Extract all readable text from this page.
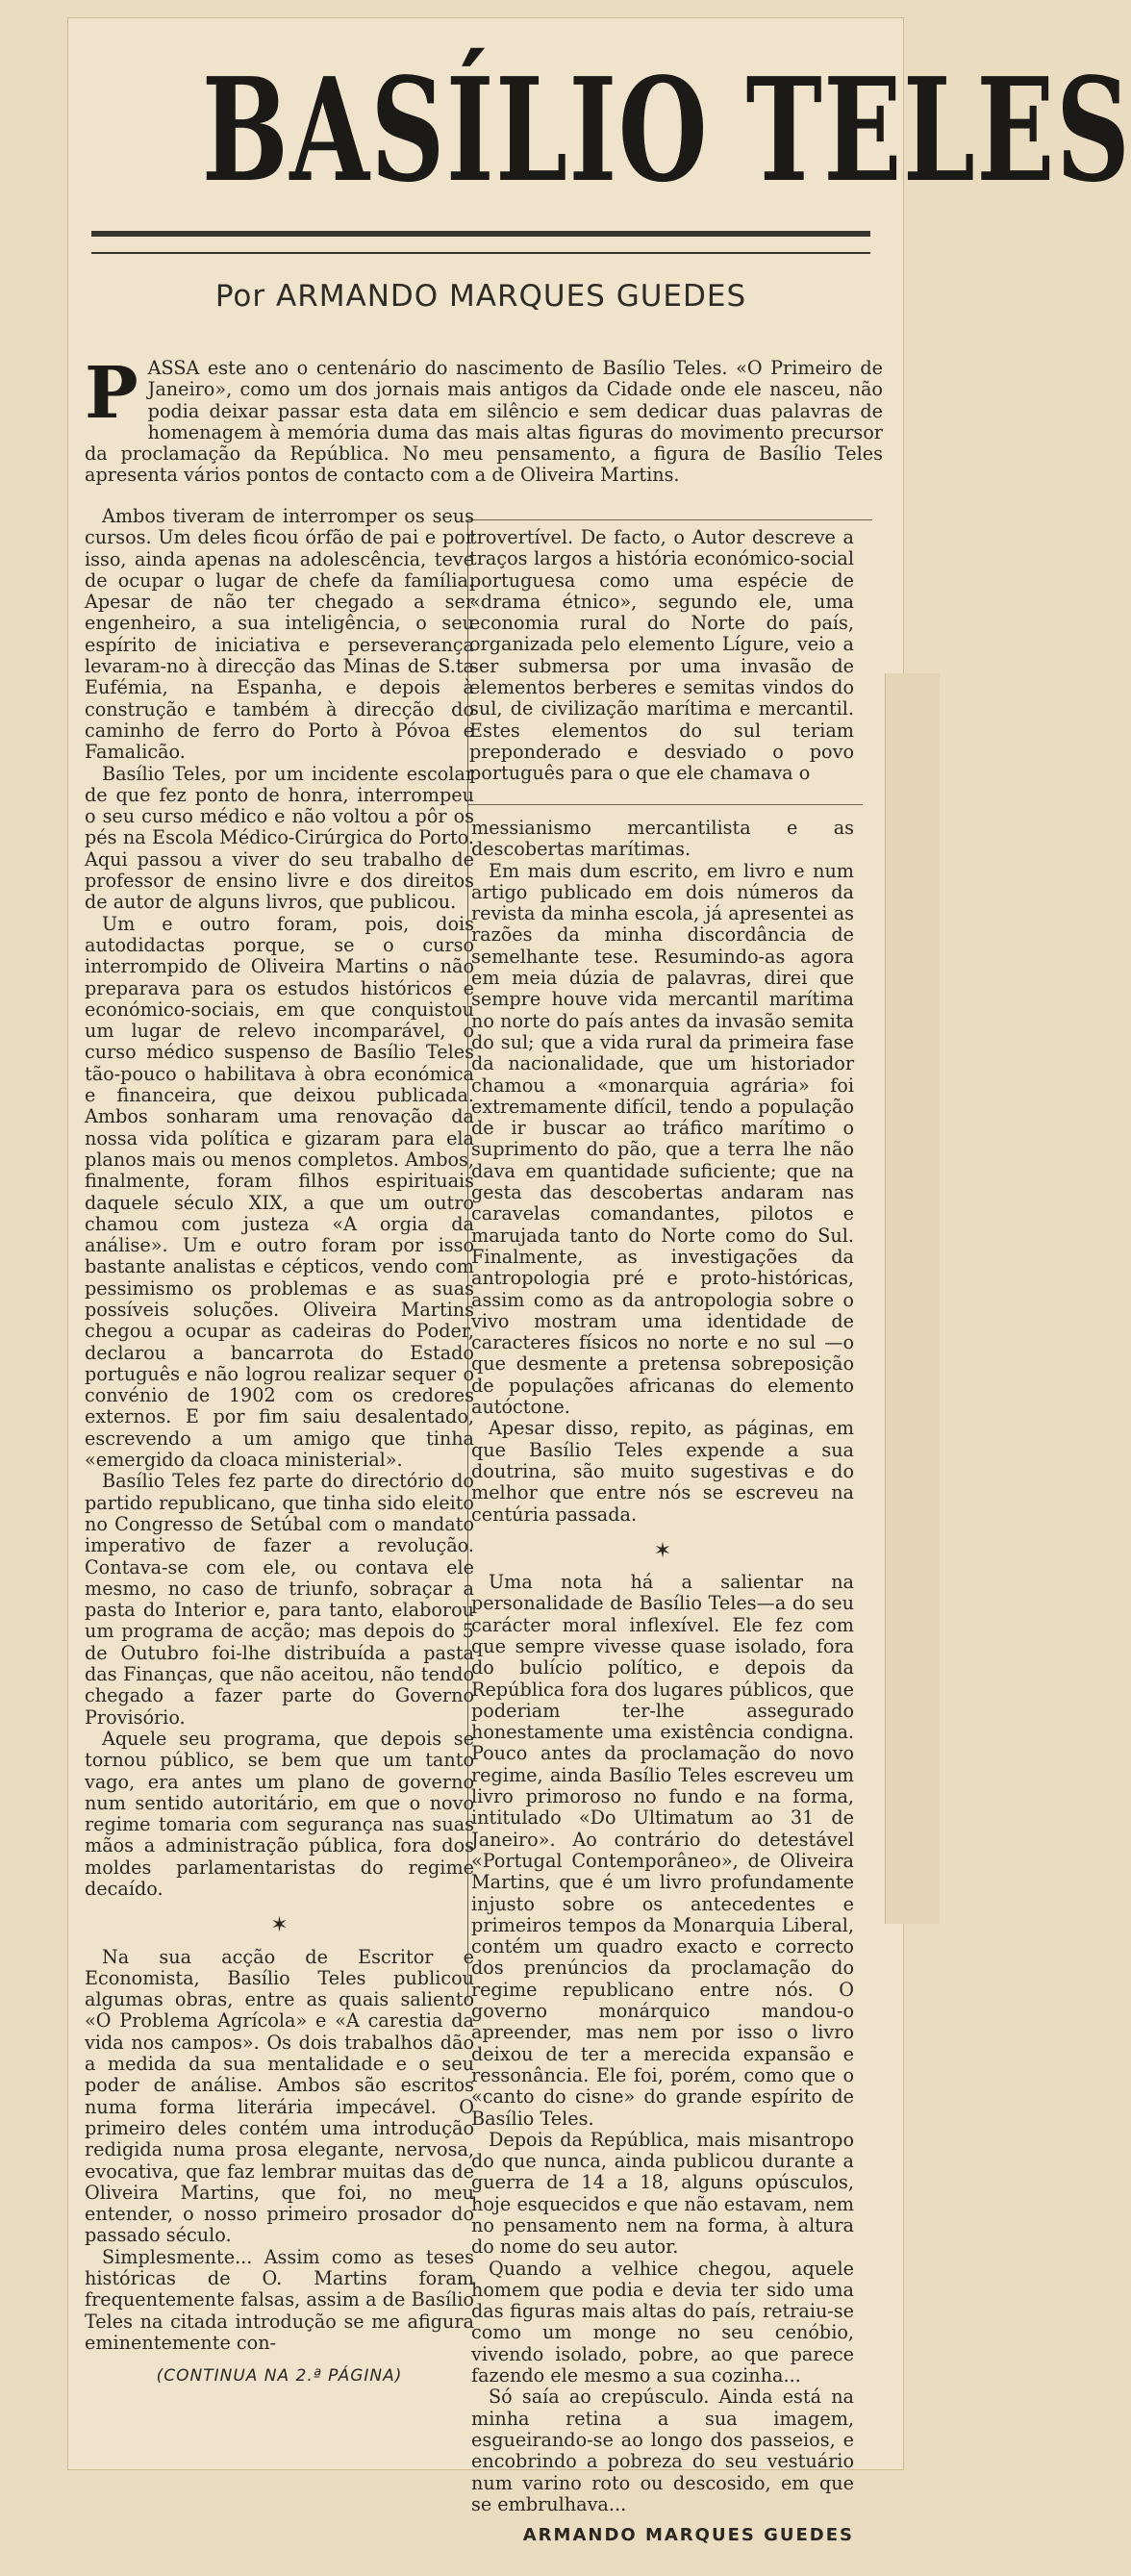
BASÍLIO TELES
Por ARMANDO MARQUES GUEDES
P ASSA este ano o centenário do nascimento de Basílio Teles. «O Primeiro de Janeiro», como um dos jornais mais antigos da Cidade onde ele nasceu, não podia deixar passar esta data em silêncio e sem dedicar duas palavras de homenagem à memória duma das mais altas figuras do movimento precursor da proclamação da República. No meu pensamento, a figura de Basílio Teles apresenta vários pontos de contacto com a de Oliveira Martins.

Ambos tiveram de interromper os seus cursos. Um deles ficou órfão de pai e por isso, ainda apenas na adolescência, teve de ocupar o lugar de chefe da família. Apesar de não ter chegado a ser engenheiro, a sua inteligência, o seu espírito de iniciativa e perseverança levaram-no à direcção das Minas de S.ta Eufémia, na Espanha, e depois à construção e também à direcção do caminho de ferro do Porto à Póvoa e Famalicão.

Basílio Teles, por um incidente escolar de que fez ponto de honra, interrompeu o seu curso médico e não voltou a pôr os pés na Escola Médico-Cirúrgica do Porto. Aqui passou a viver do seu trabalho de professor de ensino livre e dos direitos de autor de alguns livros, que publicou.

Um e outro foram, pois, dois autodidactas porque, se o curso interrompido de Oliveira Martins o não preparava para os estudos históricos e económico-sociais, em que conquistou um lugar de relevo incomparável, o curso médico suspenso de Basílio Teles tão-pouco o habilitava à obra económica e financeira, que deixou publicada. Ambos sonharam uma renovação da nossa vida política e gizaram para ela planos mais ou menos completos. Ambos, finalmente, foram filhos espirituais daquele século XIX, a que um outro chamou com justeza «A orgia da análise». Um e outro foram por isso bastante analistas e cépticos, vendo com pessimismo os problemas e as suas possíveis soluções. Oliveira Martins chegou a ocupar as cadeiras do Poder, declarou a bancarrota do Estado português e não logrou realizar sequer o convénio de 1902 com os credores externos. E por fim saiu desalentado, escrevendo a um amigo que tinha «emergido da cloaca ministerial».

Basílio Teles fez parte do directório do partido republicano, que tinha sido eleito no Congresso de Setúbal com o mandato imperativo de fazer a revolução. Contava-se com ele, ou contava ele mesmo, no caso de triunfo, sobraçar a pasta do Interior e, para tanto, elaborou um programa de acção; mas depois do 5 de Outubro foi-lhe distribuída a pasta das Finanças, que não aceitou, não tendo chegado a fazer parte do Governo Provisório.

Aquele seu programa, que depois se tornou público, se bem que um tanto vago, era antes um plano de governo num sentido autoritário, em que o novo regime tomaria com segurança nas suas mãos a administração pública, fora dos moldes parlamentaristas do regime decaído.

✶

Na sua acção de Escritor e Economista, Basílio Teles publicou algumas obras, entre as quais saliento «O Problema Agrícola» e «A carestia da vida nos campos». Os dois trabalhos dão a medida da sua mentalidade e o seu poder de análise. Ambos são escritos numa forma literária impecável. O primeiro deles contém uma introdução redigida numa prosa elegante, nervosa, evocativa, que faz lembrar muitas das de Oliveira Martins, que foi, no meu entender, o nosso primeiro prosador do passado século.

Simplesmente... Assim como as teses históricas de O. Martins foram frequentemente falsas, assim a de Basílio Teles na citada introdução se me afigura eminentemente con-

(CONTINUA NA 2.ª PÁGINA)

trovertível. De facto, o Autor descreve a traços largos a história económico-social portuguesa como uma espécie de «drama étnico», segundo ele, uma economia rural do Norte do país, organizada pelo elemento Lígure, veio a ser submersa por uma invasão de elementos berberes e semitas vindos do sul, de civilização marítima e mercantil. Estes elementos do sul teriam preponderado e desviado o povo português para o que ele chamava o

messianismo mercantilista e as descobertas marítimas.

Em mais dum escrito, em livro e num artigo publicado em dois números da revista da minha escola, já apresentei as razões da minha discordância de semelhante tese. Resumindo-as agora em meia dúzia de palavras, direi que sempre houve vida mercantil marítima no norte do país antes da invasão semita do sul; que a vida rural da primeira fase da nacionalidade, que um historiador chamou a «monarquia agrária» foi extremamente difícil, tendo a população de ir buscar ao tráfico marítimo o suprimento do pão, que a terra lhe não dava em quantidade suficiente; que na gesta das descobertas andaram nas caravelas comandantes, pilotos e marujada tanto do Norte como do Sul. Finalmente, as investigações da antropologia pré e proto-históricas, assim como as da antropologia sobre o vivo mostram uma identidade de caracteres físicos no norte e no sul —o que desmente a pretensa sobreposição de populações africanas do elemento autóctone.

Apesar disso, repito, as páginas, em que Basílio Teles expende a sua doutrina, são muito sugestivas e do melhor que entre nós se escreveu na centúria passada.

✶

Uma nota há a salientar na personalidade de Basílio Teles—a do seu carácter moral inflexível. Ele fez com que sempre vivesse quase isolado, fora do bulício político, e depois da República fora dos lugares públicos, que poderiam ter-lhe assegurado honestamente uma existência condigna. Pouco antes da proclamação do novo regime, ainda Basílio Teles escreveu um livro primoroso no fundo e na forma, intitulado «Do Ultimatum ao 31 de Janeiro». Ao contrário do detestável «Portugal Contemporâneo», de Oliveira Martins, que é um livro profundamente injusto sobre os antecedentes e primeiros tempos da Monarquia Liberal, contém um quadro exacto e correcto dos prenúncios da proclamação do regime republicano entre nós. O governo monárquico mandou-o apreender, mas nem por isso o livro deixou de ter a merecida expansão e ressonância. Ele foi, porém, como que o «canto do cisne» do grande espírito de Basílio Teles.

Depois da República, mais misantropo do que nunca, ainda publicou durante a guerra de 14 a 18, alguns opúsculos, hoje esquecidos e que não estavam, nem no pensamento nem na forma, à altura do nome do seu autor.

Quando a velhice chegou, aquele homem que podia e devia ter sido uma das figuras mais altas do país, retraiu-se como um monge no seu cenóbio, vivendo isolado, pobre, ao que parece fazendo ele mesmo a sua cozinha...

Só saía ao crepúsculo. Ainda está na minha retina a sua imagem, esgueirando-se ao longo dos passeios, e encobrindo a pobreza do seu vestuário num varino roto ou descosido, em que se embrulhava...

ARMANDO MARQUES GUEDES
